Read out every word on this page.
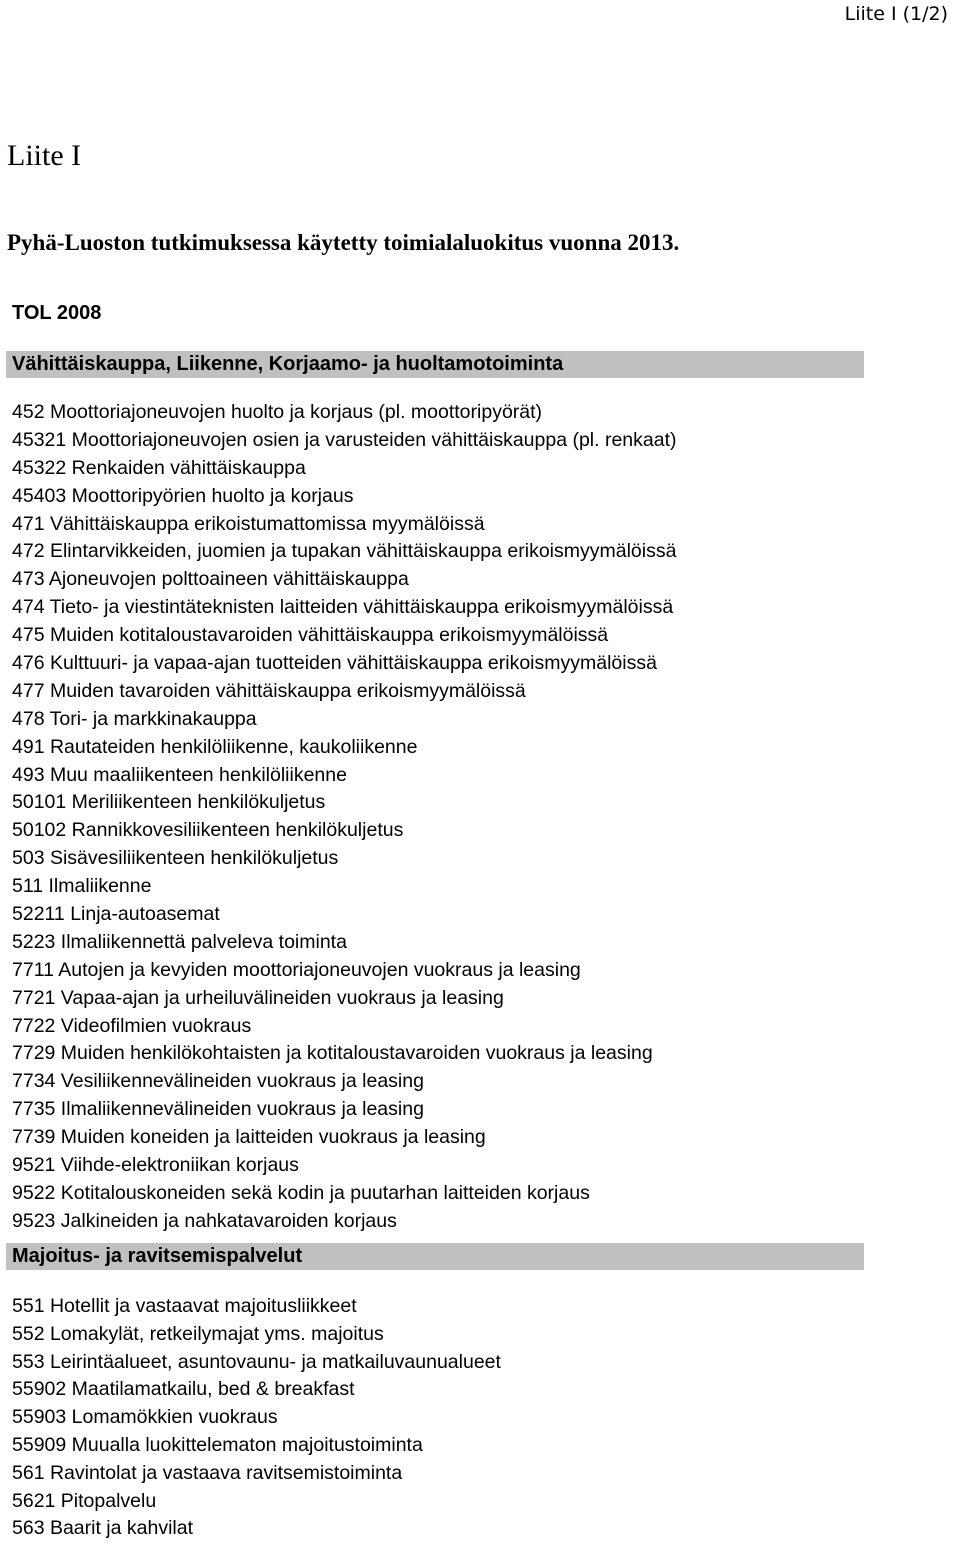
Liite I (1/2)
Liite I
Pyhä-Luoston tutkimuksessa käytetty toimialaluokitus vuonna 2013.
TOL 2008
Vähittäiskauppa, Liikenne, Korjaamo- ja huoltamotoiminta
452 Moottoriajoneuvojen huolto ja korjaus (pl. moottoripyörät)
45321 Moottoriajoneuvojen osien ja varusteiden vähittäiskauppa (pl. renkaat)
45322 Renkaiden vähittäiskauppa
45403 Moottoripyörien huolto ja korjaus
471 Vähittäiskauppa erikoistumattomissa myymälöissä
472 Elintarvikkeiden, juomien ja tupakan vähittäiskauppa erikoismyymälöissä
473 Ajoneuvojen polttoaineen vähittäiskauppa
474 Tieto- ja viestintäteknisten laitteiden vähittäiskauppa erikoismyymälöissä
475 Muiden kotitaloustavaroiden vähittäiskauppa erikoismyymälöissä
476 Kulttuuri- ja vapaa-ajan tuotteiden vähittäiskauppa erikoismyymälöissä
477 Muiden tavaroiden vähittäiskauppa erikoismyymälöissä
478 Tori- ja markkinakauppa
491 Rautateiden henkilöliikenne, kaukoliikenne
493 Muu maaliikenteen henkilöliikenne
50101 Meriliikenteen henkilökuljetus
50102 Rannikkovesiliikenteen henkilökuljetus
503 Sisävesiliikenteen henkilökuljetus
511 Ilmaliikenne
52211 Linja-autoasemat
5223 Ilmaliikennettä palveleva toiminta
7711 Autojen ja kevyiden moottoriajoneuvojen vuokraus ja leasing
7721 Vapaa-ajan ja urheiluvälineiden vuokraus ja leasing
7722 Videofilmien vuokraus
7729 Muiden henkilökohtaisten ja kotitaloustavaroiden vuokraus ja leasing
7734 Vesiliikennevälineiden vuokraus ja leasing
7735 Ilmaliikennevälineiden vuokraus ja leasing
7739 Muiden koneiden ja laitteiden vuokraus ja leasing
9521 Viihde-elektroniikan korjaus
9522 Kotitalouskoneiden sekä kodin ja puutarhan laitteiden korjaus
9523 Jalkineiden ja nahkatavaroiden korjaus
Majoitus- ja ravitsemispalvelut
551 Hotellit ja vastaavat majoitusliikkeet
552 Lomakylät, retkeilymajat yms. majoitus
553 Leirintäalueet, asuntovaunu- ja matkailuvaunualueet
55902 Maatilamatkailu, bed & breakfast
55903 Lomamökkien vuokraus
55909 Muualla luokittelematon majoitustoiminta
561 Ravintolat ja vastaava ravitsemistoiminta
5621 Pitopalvelu
563 Baarit ja kahvilat
